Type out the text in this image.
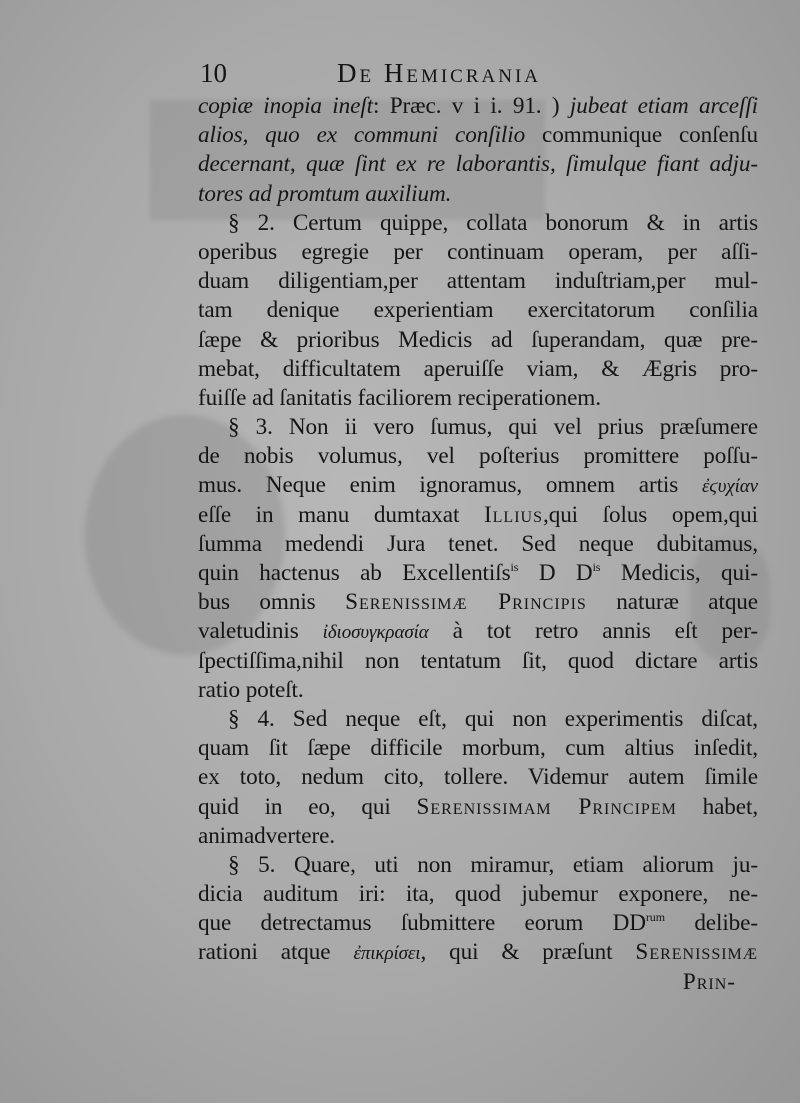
10	De Hemicrania
copiæ inopia ineſt: Præc. v i i. 91. ) jubeat etiam arceſſi
alios, quo ex communi conſilio communique conſenſu
decernant, quæ ſint ex re laborantis, ſimulque fiant adju-
tores ad promtum auxilium.
§ 2. Certum quippe, collata bonorum & in artis
operibus egregie per continuam operam, per aſſi-
duam diligentiam,per attentam induſtriam,per mul-
tam denique experientiam exercitatorum conſilia
ſæpe & prioribus Medicis ad ſuperandam, quæ pre-
mebat, difficultatem aperuiſſe viam, & Ægris pro-
fuiſſe ad ſanitatis faciliorem reciperationem.
§ 3. Non ii vero ſumus, qui vel prius præſumere
de nobis volumus, vel poſterius promittere poſſu-
mus. Neque enim ignoramus, omnem artis ἐϛυχίαν
eſſe in manu dumtaxat Illius,qui ſolus opem,qui
ſumma medendi Jura tenet. Sed neque dubitamus,
quin hactenus ab Excellentiſs$^{is}$ D $D^{is}$ Medicis, qui-
bus omnis Sereniſſimæ Principis naturæ atque
valetudinis ἰδιοσυγκρασία à tot retro annis eſt per-
ſpectiſſima,nihil non tentatum ſit, quod dictare artis
ratio poteſt.
§ 4. Sed neque eſt, qui non experimentis diſcat,
quam ſit ſæpe difficile morbum, cum altius inſedit,
ex toto, nedum cito, tollere. Videmur autem ſimile
quid in eo, qui Sereniſſimam Principem habet,
animadvertere.
§ 5. Quare, uti non miramur, etiam aliorum ju-
dicia auditum iri: ita, quod jubemur exponere, ne-
que detrectamus ſubmittere eorum $DD^{rum}$ delibe-
rationi atque ἐπικρίσει, qui & præſunt Sereniſſimæ
Prin-
